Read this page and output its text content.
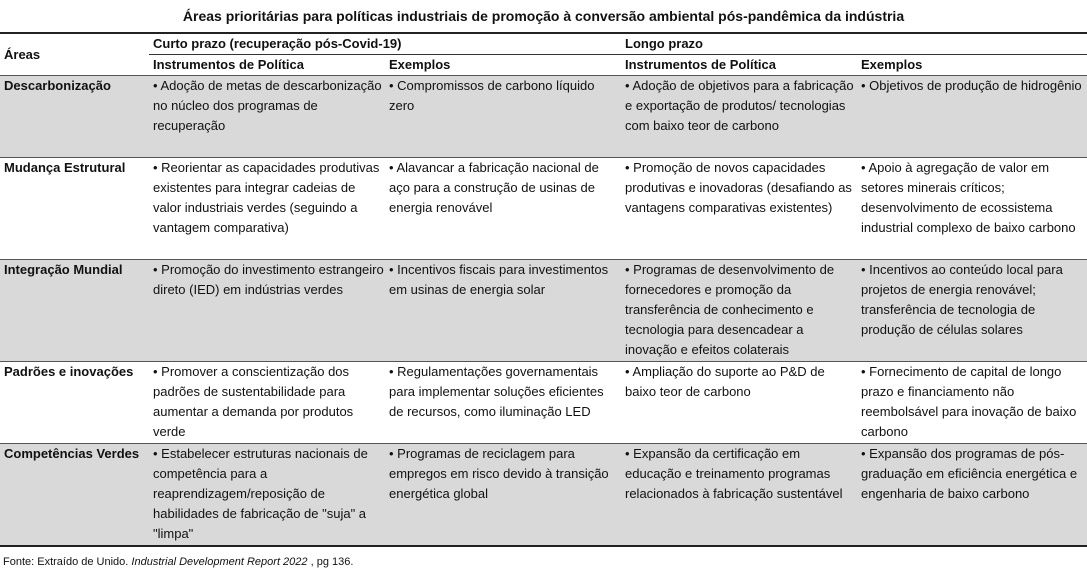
Áreas prioritárias para políticas industriais de promoção à conversão ambiental pós-pandêmica da indústria
Áreas	Curto prazo (recuperação pós-Covid-19)		Longo prazo	
	Instrumentos de Política	Exemplos	Instrumentos de Política	Exemplos
Descarbonização	• Adoção de metas de descarbonização no núcleo dos programas de recuperação	• Compromissos de carbono líquido zero	• Adoção de objetivos para a fabricação e exportação de produtos/ tecnologias com baixo teor de carbono	• Objetivos de produção de hidrogênio
Mudança Estrutural	• Reorientar as capacidades produtivas existentes para integrar cadeias de valor industriais verdes (seguindo a vantagem comparativa)	• Alavancar a fabricação nacional de aço para a construção de usinas de energia renovável	• Promoção de novos capacidades produtivas e inovadoras (desafiando as vantagens comparativas existentes)	• Apoio à agregação de valor em setores minerais críticos; desenvolvimento de ecossistema industrial complexo de baixo carbono
Integração Mundial	• Promoção do investimento estrangeiro direto (IED) em indústrias verdes	• Incentivos fiscais para investimentos em usinas de energia solar	• Programas de desenvolvimento de fornecedores e promoção da transferência de conhecimento e tecnologia para desencadear a inovação e efeitos colaterais	• Incentivos ao conteúdo local para projetos de energia renovável; transferência de tecnologia de produção de células solares
Padrões e inovações	• Promover a conscientização dos padrões de sustentabilidade para aumentar a demanda por produtos verde	• Regulamentações governamentais para implementar soluções eficientes de recursos, como iluminação LED	• Ampliação do suporte ao P&D de baixo teor de carbono	• Fornecimento de capital de longo prazo e financiamento não reembolsável para inovação de baixo carbono
Competências Verdes	• Estabelecer estruturas nacionais de competência para a reaprendizagem/reposição de habilidades de fabricação de "suja" a "limpa"	• Programas de reciclagem para empregos em risco devido à transição energética global	• Expansão da certificação em educação e treinamento programas relacionados à fabricação sustentável	• Expansão dos programas de pós-graduação em eficiência energética e engenharia de baixo carbono
Fonte: Extraído de Unido. Industrial Development Report 2022 , pg 136.
